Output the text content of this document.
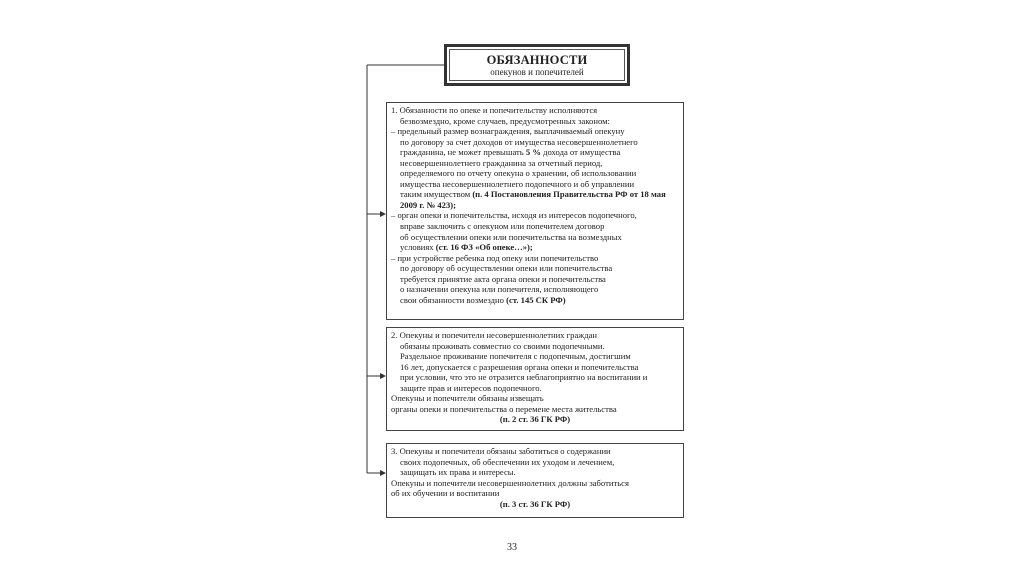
ОБЯЗАННОСТИ
опекунов и попечителей
1. Обязанности по опеке и попечительству исполняются
безвозмездно, кроме случаев, предусмотренных законом:
– предельный размер вознаграждения, выплачиваемый опекуну
по договору за счет доходов от имущества несовершеннолетнего
гражданина, не может превышать 5 % дохода от имущества
несовершеннолетнего гражданина за отчетный период,
определяемого по отчету опекуна о хранении, об использовании
имущества несовершеннолетнего подопечного и об управлении
таким имуществом (п. 4 Постановления Правительства РФ от 18 мая
2009 г. № 423);
– орган опеки и попечительства, исходя из интересов подопечного,
вправе заключить с опекуном или попечителем договор
об осуществлении опеки или попечительства на возмездных
условиях (ст. 16 ФЗ «Об опеке…»);
– при устройстве ребенка под опеку или попечительство
по договору об осуществлении опеки или попечительства
требуется принятие акта органа опеки и попечительства
о назначении опекуна или попечителя, исполняющего
свои обязанности возмездно (ст. 145 СК РФ)
2. Опекуны и попечители несовершеннолетних граждан
обязаны проживать совместно со своими подопечными.
Раздельное проживание попечителя с подопечным, достигшим
16 лет, допускается с разрешения органа опеки и попечительства
при условии, что это не отразится неблагоприятно на воспитании и
защите прав и интересов подопечного.
Опекуны и попечители обязаны извещать
органы опеки и попечительства о перемене места жительства
(п. 2 ст. 36 ГК РФ)
3. Опекуны и попечители обязаны заботиться о содержании
своих подопечных, об обеспечении их уходом и лечением,
защищать их права и интересы.
Опекуны и попечители несовершеннолетних должны заботиться
об их обучении и воспитании
(п. 3 ст. 36 ГК РФ)
33
